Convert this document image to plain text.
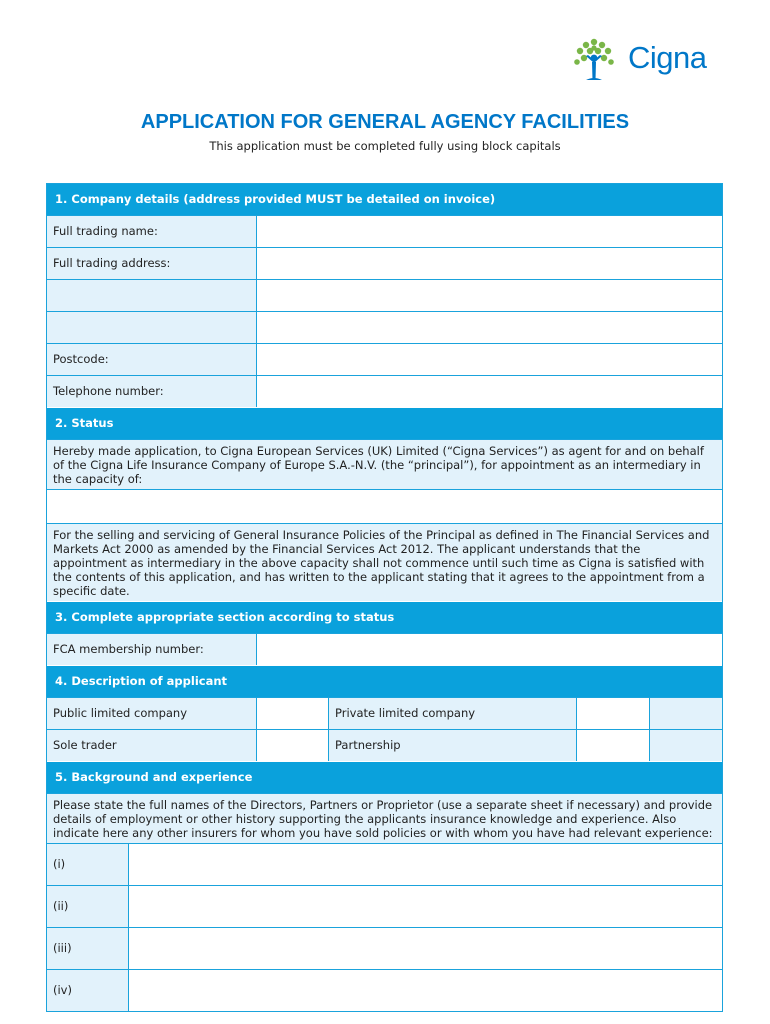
Cigna
APPLICATION FOR GENERAL AGENCY FACILITIES
This application must be completed fully using block capitals
1. Company details (address provided MUST be detailed on invoice)
Full trading name:
Full trading address:
Postcode:
Telephone number:
2. Status
Hereby made application, to Cigna European Services (UK) Limited (“Cigna Services”) as agent for and on behalf of the Cigna Life Insurance Company of Europe S.A.-N.V. (the “principal”), for appointment as an intermediary in the capacity of:
For the selling and servicing of General Insurance Policies of the Principal as defined in The Financial Services and Markets Act 2000 as amended by the Financial Services Act 2012. The applicant understands that the appointment as intermediary in the above capacity shall not commence until such time as Cigna is satisfied with the contents of this application, and has written to the applicant stating that it agrees to the appointment from a specific date.
3. Complete appropriate section according to status
FCA membership number:
4. Description of applicant
Public limited company	Private limited company
Sole trader	Partnership
5. Background and experience
Please state the full names of the Directors, Partners or Proprietor (use a separate sheet if necessary) and provide details of employment or other history supporting the applicants insurance knowledge and experience. Also indicate here any other insurers for whom you have sold policies or with whom you have had relevant experience:
(i)
(ii)
(iii)
(iv)
